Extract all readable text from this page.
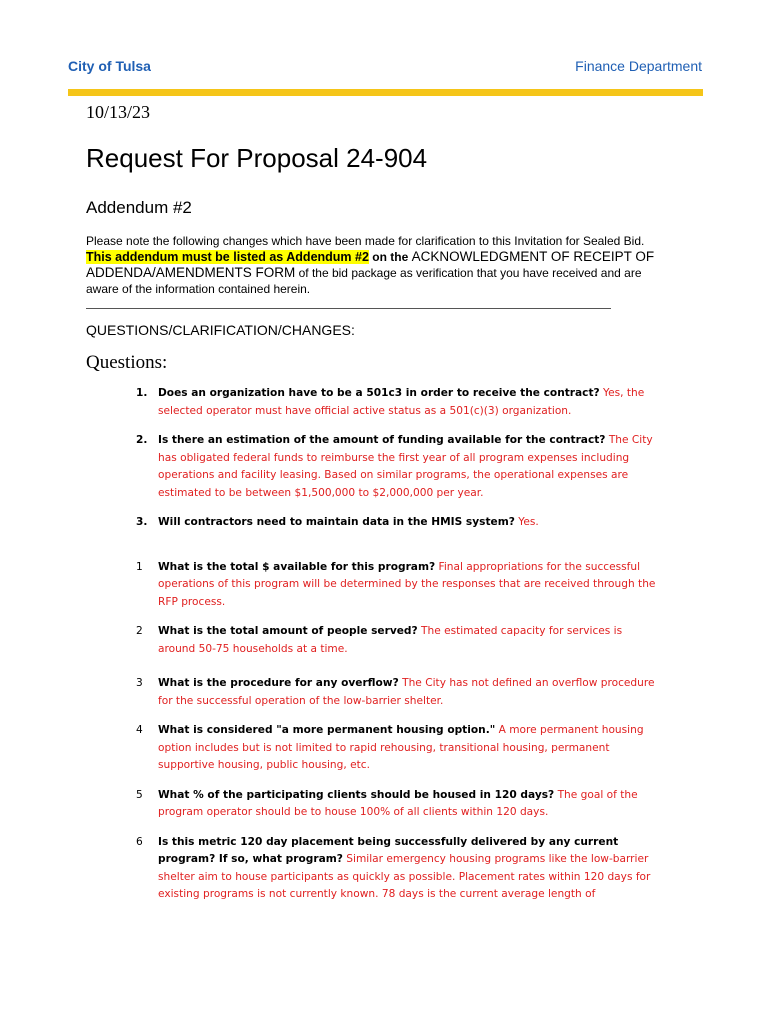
City of Tulsa	Finance Department
10/13/23
Request For Proposal 24-904
Addendum #2
Please note the following changes which have been made for clarification to this Invitation for Sealed Bid. This addendum must be listed as Addendum #2 on the ACKNOWLEDGMENT OF RECEIPT OF ADDENDA/AMENDMENTS FORM of the bid package as verification that you have received and are aware of the information contained herein.
QUESTIONS/CLARIFICATION/CHANGES:
Questions:
1. Does an organization have to be a 501c3 in order to receive the contract? Yes, the selected operator must have official active status as a 501(c)(3) organization.
2. Is there an estimation of the amount of funding available for the contract? The City has obligated federal funds to reimburse the first year of all program expenses including operations and facility leasing. Based on similar programs, the operational expenses are estimated to be between $1,500,000 to $2,000,000 per year.
3. Will contractors need to maintain data in the HMIS system? Yes.
1	What is the total $ available for this program? Final appropriations for the successful operations of this program will be determined by the responses that are received through the RFP process.
2	What is the total amount of people served? The estimated capacity for services is around 50-75 households at a time.
3	What is the procedure for any overflow? The City has not defined an overflow procedure for the successful operation of the low-barrier shelter.
4	What is considered "a more permanent housing option." A more permanent housing option includes but is not limited to rapid rehousing, transitional housing, permanent supportive housing, public housing, etc.
5	What % of the participating clients should be housed in 120 days? The goal of the program operator should be to house 100% of all clients within 120 days.
6	Is this metric 120 day placement being successfully delivered by any current program? If so, what program? Similar emergency housing programs like the low-barrier shelter aim to house participants as quickly as possible. Placement rates within 120 days for existing programs is not currently known. 78 days is the current average length of
